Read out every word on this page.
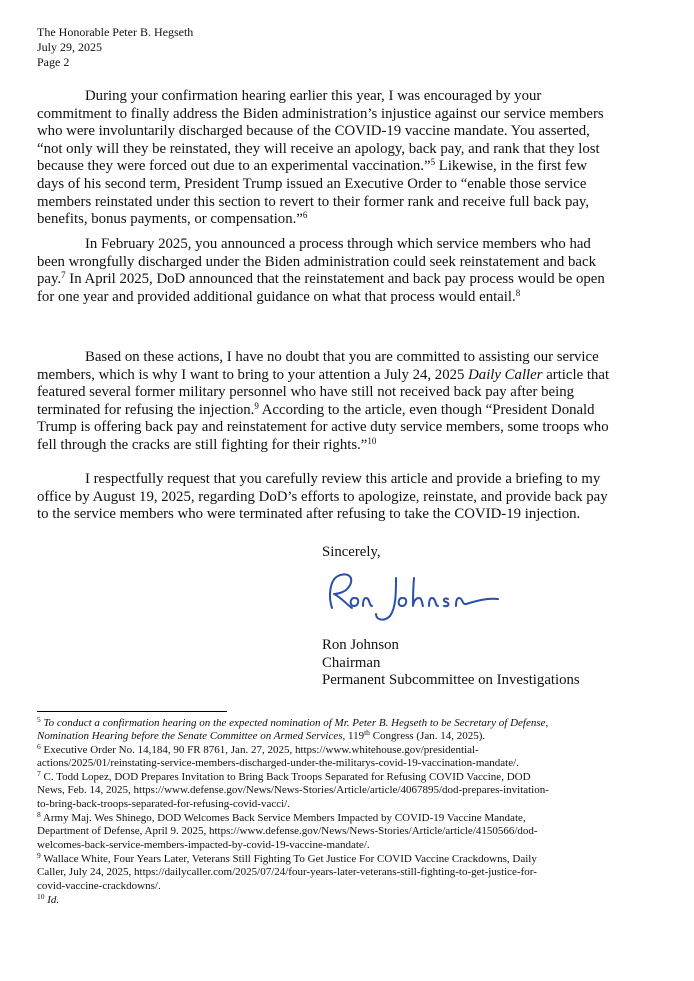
The Honorable Peter B. Hegseth
July 29, 2025
Page 2
During your confirmation hearing earlier this year, I was encouraged by your
commitment to finally address the Biden administration’s injustice against our service members
who were involuntarily discharged because of the COVID-19 vaccine mandate. You asserted,
“not only will they be reinstated, they will receive an apology, back pay, and rank that they lost
because they were forced out due to an experimental vaccination.”$^5$ Likewise, in the first few
days of his second term, President Trump issued an Executive Order to “enable those service
members reinstated under this section to revert to their former rank and receive full back pay,
benefits, bonus payments, or compensation.”$^6$
In February 2025, you announced a process through which service members who had
been wrongfully discharged under the Biden administration could seek reinstatement and back
pay.$^7$ In April 2025, DoD announced that the reinstatement and back pay process would be open
for one year and provided additional guidance on what that process would entail.$^8$
Based on these actions, I have no doubt that you are committed to assisting our service
members, which is why I want to bring to your attention a July 24, 2025 Daily Caller article that
featured several former military personnel who have still not received back pay after being
terminated for refusing the injection.$^9$ According to the article, even though “President Donald
Trump is offering back pay and reinstatement for active duty service members, some troops who
fell through the cracks are still fighting for their rights.”$^{10}$
I respectfully request that you carefully review this article and provide a briefing to my
office by August 19, 2025, regarding DoD’s efforts to apologize, reinstate, and provide back pay
to the service members who were terminated after refusing to take the COVID-19 injection.
Sincerely,
Ron Johnson
Chairman
Permanent Subcommittee on Investigations
$^5$ To conduct a confirmation hearing on the expected nomination of Mr. Peter B. Hegseth to be Secretary of Defense,
Nomination Hearing before the Senate Committee on Armed Services, 119th Congress (Jan. 14, 2025).
$^6$ Executive Order No. 14,184, 90 FR 8761, Jan. 27, 2025, https://www.whitehouse.gov/presidential-
actions/2025/01/reinstating-service-members-discharged-under-the-militarys-covid-19-vaccination-mandate/.
$^7$ C. Todd Lopez, DOD Prepares Invitation to Bring Back Troops Separated for Refusing COVID Vaccine, DOD
News, Feb. 14, 2025, https://www.defense.gov/News/News-Stories/Article/article/4067895/dod-prepares-invitation-
to-bring-back-troops-separated-for-refusing-covid-vacci/.
$^8$ Army Maj. Wes Shinego, DOD Welcomes Back Service Members Impacted by COVID-19 Vaccine Mandate,
Department of Defense, April 9. 2025, https://www.defense.gov/News/News-Stories/Article/article/4150566/dod-
welcomes-back-service-members-impacted-by-covid-19-vaccine-mandate/.
$^9$ Wallace White, Four Years Later, Veterans Still Fighting To Get Justice For COVID Vaccine Crackdowns, Daily
Caller, July 24, 2025, https://dailycaller.com/2025/07/24/four-years-later-veterans-still-fighting-to-get-justice-for-
covid-vaccine-crackdowns/.
$^{10}$ Id.
